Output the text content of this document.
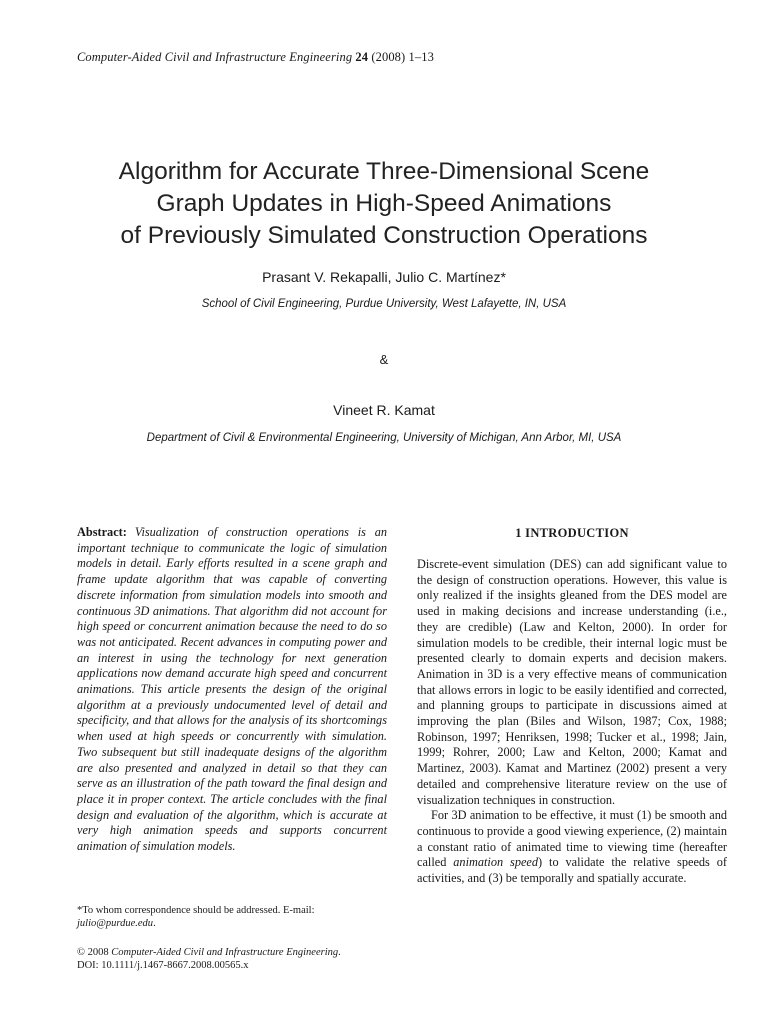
Computer-Aided Civil and Infrastructure Engineering 24 (2008) 1–13
Algorithm for Accurate Three-Dimensional Scene
Graph Updates in High-Speed Animations
of Previously Simulated Construction Operations
Prasant V. Rekapalli, Julio C. Martínez*
School of Civil Engineering, Purdue University, West Lafayette, IN, USA
&
Vineet R. Kamat
Department of Civil & Environmental Engineering, University of Michigan, Ann Arbor, MI, USA
Abstract: Visualization of construction operations is an important technique to communicate the logic of simulation models in detail. Early efforts resulted in a scene graph and frame update algorithm that was capable of converting discrete information from simulation models into smooth and continuous 3D animations. That algorithm did not account for high speed or concurrent animation because the need to do so was not anticipated. Recent advances in computing power and an interest in using the technology for next generation applications now demand accurate high speed and concurrent animations. This article presents the design of the original algorithm at a previously undocumented level of detail and specificity, and that allows for the analysis of its shortcomings when used at high speeds or concurrently with simulation. Two subsequent but still inadequate designs of the algorithm are also presented and analyzed in detail so that they can serve as an illustration of the path toward the final design and place it in proper context. The article concludes with the final design and evaluation of the algorithm, which is accurate at very high animation speeds and supports concurrent animation of simulation models.
*To whom correspondence should be addressed. E-mail: julio@purdue.edu.
© 2008 Computer-Aided Civil and Infrastructure Engineering.
DOI: 10.1111/j.1467-8667.2008.00565.x
1 INTRODUCTION

Discrete-event simulation (DES) can add significant value to the design of construction operations. However, this value is only realized if the insights gleaned from the DES model are used in making decisions and increase understanding (i.e., they are credible) (Law and Kelton, 2000). In order for simulation models to be credible, their internal logic must be presented clearly to domain experts and decision makers. Animation in 3D is a very effective means of communication that allows errors in logic to be easily identified and corrected, and planning groups to participate in discussions aimed at improving the plan (Biles and Wilson, 1987; Cox, 1988; Robinson, 1997; Henriksen, 1998; Tucker et al., 1998; Jain, 1999; Rohrer, 2000; Law and Kelton, 2000; Kamat and Martinez, 2003). Kamat and Martinez (2002) present a very detailed and comprehensive literature review on the use of visualization techniques in construction.

For 3D animation to be effective, it must (1) be smooth and continuous to provide a good viewing experience, (2) maintain a constant ratio of animated time to viewing time (hereafter called animation speed) to validate the relative speeds of activities, and (3) be temporally and spatially accurate.
